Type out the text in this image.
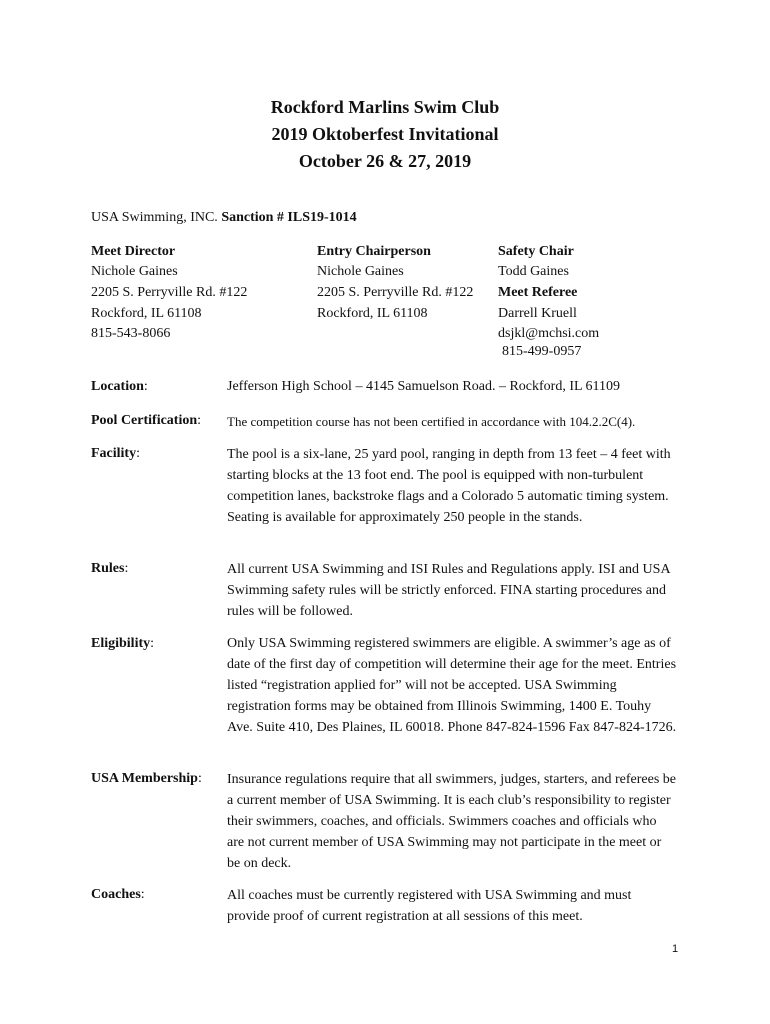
Rockford Marlins Swim Club
2019 Oktoberfest Invitational
October 26 & 27, 2019
USA Swimming, INC. Sanction # ILS19-1014
Meet Director
Nichole Gaines
2205 S. Perryville Rd. #122
Rockford, IL 61108
815-543-8066
Entry Chairperson
Nichole Gaines
2205 S. Perryville Rd. #122
Rockford, IL 61108
Safety Chair
Todd Gaines
Meet Referee
Darrell Kruell
dsjkl@mchsi.com
815-499-0957
Location:	Jefferson High School – 4145 Samuelson Road. – Rockford, IL 61109
Pool Certification: The competition course has not been certified in accordance with 104.2.2C(4).
Facility:	The pool is a six-lane, 25 yard pool, ranging in depth from 13 feet – 4 feet with starting blocks at the 13 foot end. The pool is equipped with non-turbulent competition lanes, backstroke flags and a Colorado 5 automatic timing system. Seating is available for approximately 250 people in the stands.
Rules:	All current USA Swimming and ISI Rules and Regulations apply. ISI and USA Swimming safety rules will be strictly enforced. FINA starting procedures and rules will be followed.
Eligibility:	Only USA Swimming registered swimmers are eligible. A swimmer’s age as of date of the first day of competition will determine their age for the meet. Entries listed “registration applied for” will not be accepted. USA Swimming registration forms may be obtained from Illinois Swimming, 1400 E. Touhy Ave. Suite 410, Des Plaines, IL 60018. Phone 847-824-1596 Fax 847-824-1726.
USA Membership: Insurance regulations require that all swimmers, judges, starters, and referees be a current member of USA Swimming. It is each club’s responsibility to register their swimmers, coaches, and officials. Swimmers coaches and officials who are not current member of USA Swimming may not participate in the meet or be on deck.
Coaches:	All coaches must be currently registered with USA Swimming and must provide proof of current registration at all sessions of this meet.
1
